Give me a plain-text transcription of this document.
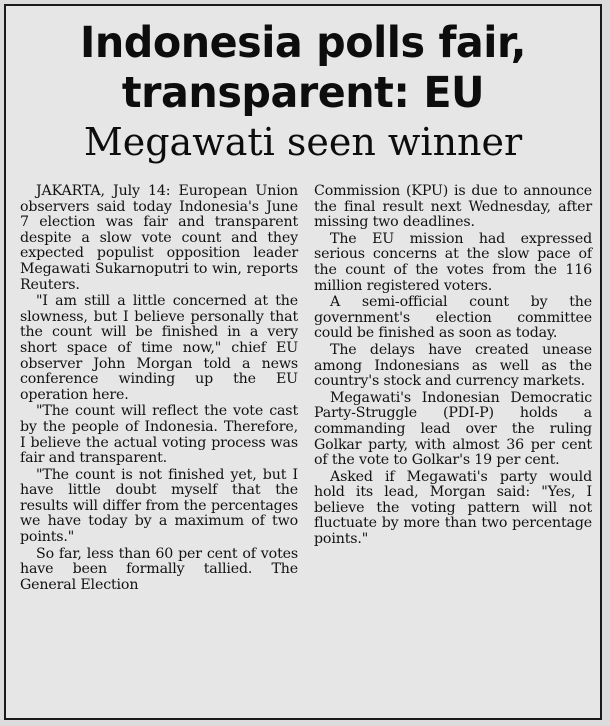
Indonesia polls fair,
transparent: EU
Megawati seen winner

JAKARTA, July 14: European Union observers said today Indonesia's June 7 election was fair and transparent despite a slow vote count and they expected populist opposition leader Megawati Sukarnoputri to win, reports Reuters.

"I am still a little concerned at the slowness, but I believe personally that the count will be finished in a very short space of time now," chief EU observer John Morgan told a news conference winding up the EU operation here.

"The count will reflect the vote cast by the people of Indonesia. Therefore, I believe the actual voting process was fair and transparent.

"The count is not finished yet, but I have little doubt myself that the results will differ from the percentages we have today by a maximum of two points."

So far, less than 60 per cent of votes have been formally tallied. The General Election

Commission (KPU) is due to announce the final result next Wednesday, after missing two deadlines.

The EU mission had expressed serious concerns at the slow pace of the count of the votes from the 116 million registered voters.

A semi-official count by the government's election committee could be finished as soon as today.

The delays have created unease among Indonesians as well as the country's stock and currency markets.

Megawati's Indonesian Democratic Party-Struggle (PDI-P) holds a commanding lead over the ruling Golkar party, with almost 36 per cent of the vote to Golkar's 19 per cent.

Asked if Megawati's party would hold its lead, Morgan said: "Yes, I believe the voting pattern will not fluctuate by more than two percentage points."
